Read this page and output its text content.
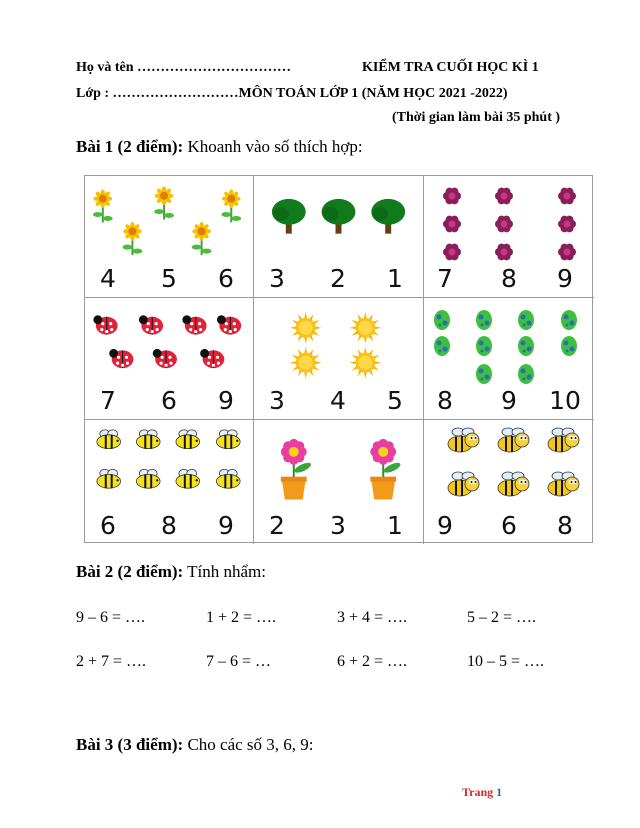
Họ và tên ……………………………	KIỂM TRA CUỐI HỌC KÌ 1
Lớp : ………………………MÔN TOÁN LỚP 1 (NĂM HỌC 2021 -2022)
(Thời gian làm bài 35 phút )
Bài 1 (2 điểm): Khoanh vào số thích hợp:
4 5 6 3 2 1 7 8 9
7 6 9 3 4 5 8 9 10
6 8 9 2 3 1 9 6 8
Bài 2 (2 điểm): Tính nhẩm:
9 – 6 = ….	1 + 2 = ….	3 + 4 = ….	5 – 2 = ….
2 + 7 = ….	7 – 6 = …	6 + 2 = ….	10 – 5 = ….
Bài 3 (3 điểm): Cho các số 3, 6, 9:
Trang 1
